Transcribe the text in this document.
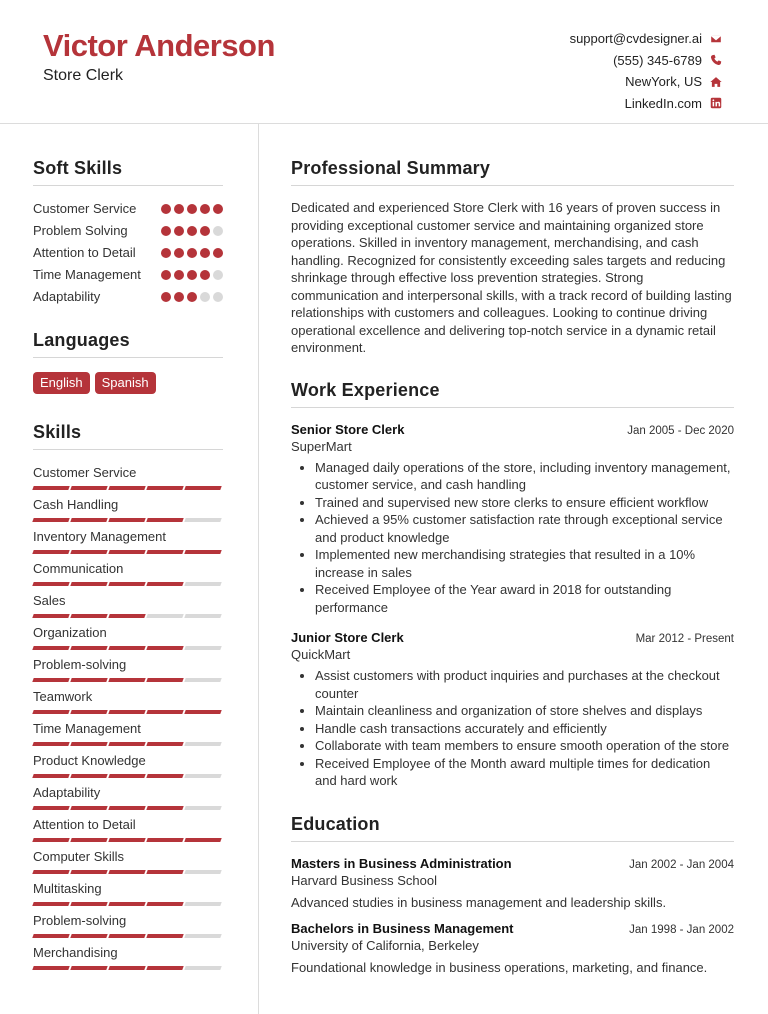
Victor Anderson
Store Clerk
support@cvdesigner.ai
(555) 345-6789
NewYork, US
LinkedIn.com
Soft Skills
Customer Service
Problem Solving
Attention to Detail
Time Management
Adaptability
Languages
English	Spanish
Skills
Customer Service
Cash Handling
Inventory Management
Communication
Sales
Organization
Problem-solving
Teamwork
Time Management
Product Knowledge
Adaptability
Attention to Detail
Computer Skills
Multitasking
Problem-solving
Merchandising
Professional Summary
Dedicated and experienced Store Clerk with 16 years of proven success in providing exceptional customer service and maintaining organized store operations. Skilled in inventory management, merchandising, and cash handling. Recognized for consistently exceeding sales targets and reducing shrinkage through effective loss prevention strategies. Strong communication and interpersonal skills, with a track record of building lasting relationships with customers and colleagues. Looking to continue driving operational excellence and delivering top-notch service in a dynamic retail environment.
Work Experience
Senior Store Clerk	Jan 2005 - Dec 2020
SuperMart
• Managed daily operations of the store, including inventory management, customer service, and cash handling
• Trained and supervised new store clerks to ensure efficient workflow
• Achieved a 95% customer satisfaction rate through exceptional service and product knowledge
• Implemented new merchandising strategies that resulted in a 10% increase in sales
• Received Employee of the Year award in 2018 for outstanding performance
Junior Store Clerk	Mar 2012 - Present
QuickMart
• Assist customers with product inquiries and purchases at the checkout counter
• Maintain cleanliness and organization of store shelves and displays
• Handle cash transactions accurately and efficiently
• Collaborate with team members to ensure smooth operation of the store
• Received Employee of the Month award multiple times for dedication and hard work
Education
Masters in Business Administration	Jan 2002 - Jan 2004
Harvard Business School
Advanced studies in business management and leadership skills.
Bachelors in Business Management	Jan 1998 - Jan 2002
University of California, Berkeley
Foundational knowledge in business operations, marketing, and finance.
